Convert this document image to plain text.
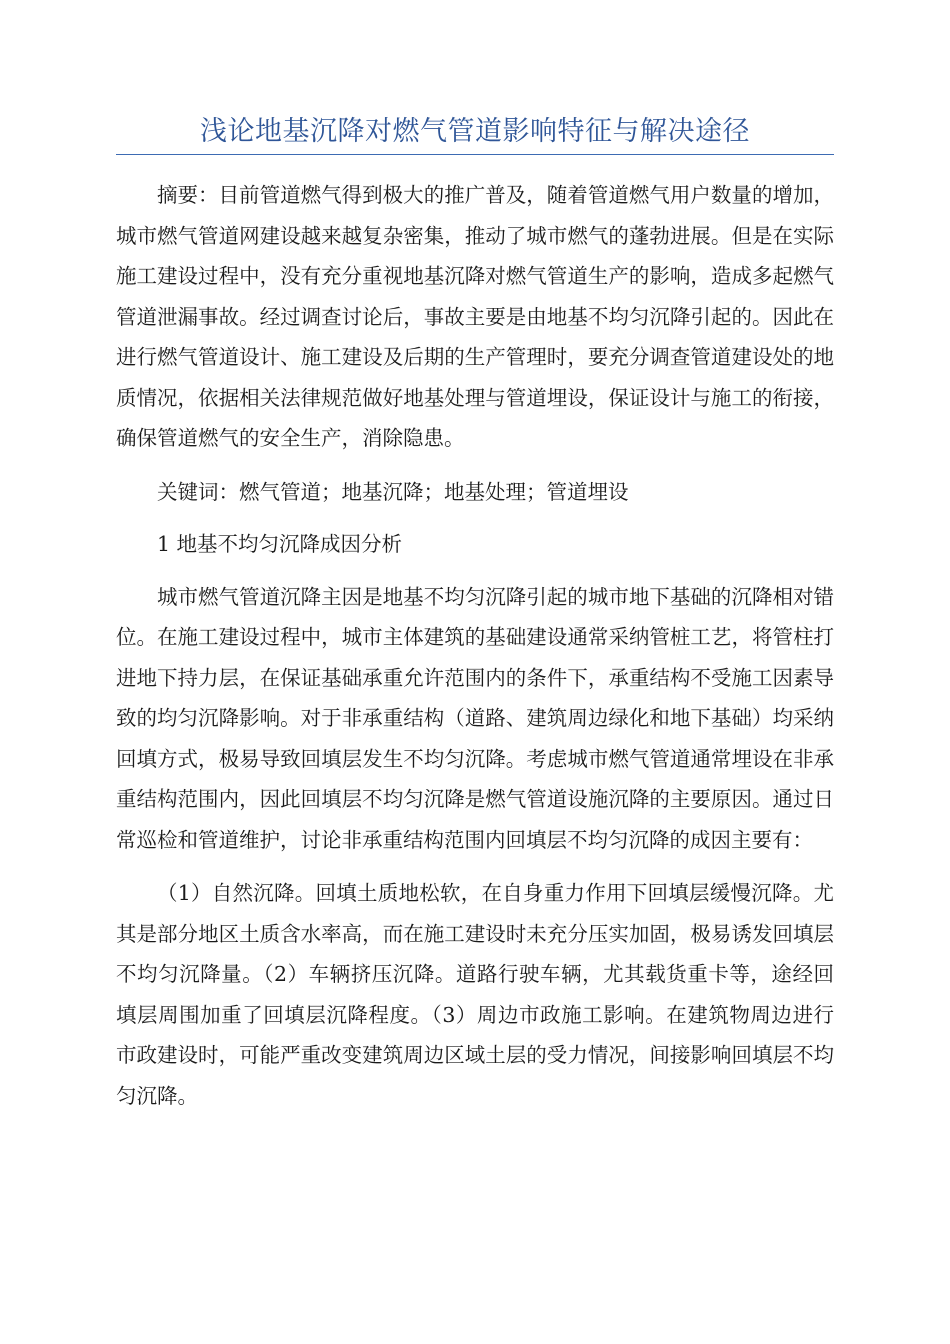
浅论地基沉降对燃气管道影响特征与解决途径

摘要：目前管道燃气得到极大的推广普及，随着管道燃气用户数量的增加，城市燃气管道网建设越来越复杂密集，推动了城市燃气的蓬勃进展。但是在实际施工建设过程中，没有充分重视地基沉降对燃气管道生产的影响，造成多起燃气管道泄漏事故。经过调查讨论后，事故主要是由地基不均匀沉降引起的。因此在进行燃气管道设计、施工建设及后期的生产管理时，要充分调查管道建设处的地质情况，依据相关法律规范做好地基处理与管道埋设，保证设计与施工的衔接，确保管道燃气的安全生产，消除隐患。

关键词：燃气管道；地基沉降；地基处理；管道埋设

1 地基不均匀沉降成因分析

城市燃气管道沉降主因是地基不均匀沉降引起的城市地下基础的沉降相对错位。在施工建设过程中，城市主体建筑的基础建设通常采纳管桩工艺，将管柱打进地下持力层，在保证基础承重允许范围内的条件下，承重结构不受施工因素导致的均匀沉降影响。对于非承重结构（道路、建筑周边绿化和地下基础）均采纳回填方式，极易导致回填层发生不均匀沉降。考虑城市燃气管道通常埋设在非承重结构范围内，因此回填层不均匀沉降是燃气管道设施沉降的主要原因。通过日常巡检和管道维护，讨论非承重结构范围内回填层不均匀沉降的成因主要有：

（1）自然沉降。回填土质地松软，在自身重力作用下回填层缓慢沉降。尤其是部分地区土质含水率高，而在施工建设时未充分压实加固，极易诱发回填层不均匀沉降量。（2）车辆挤压沉降。道路行驶车辆，尤其载货重卡等，途经回填层周围加重了回填层沉降程度。（3）周边市政施工影响。在建筑物周边进行市政建设时，可能严重改变建筑周边区域土层的受力情况，间接影响回填层不均匀沉降。
